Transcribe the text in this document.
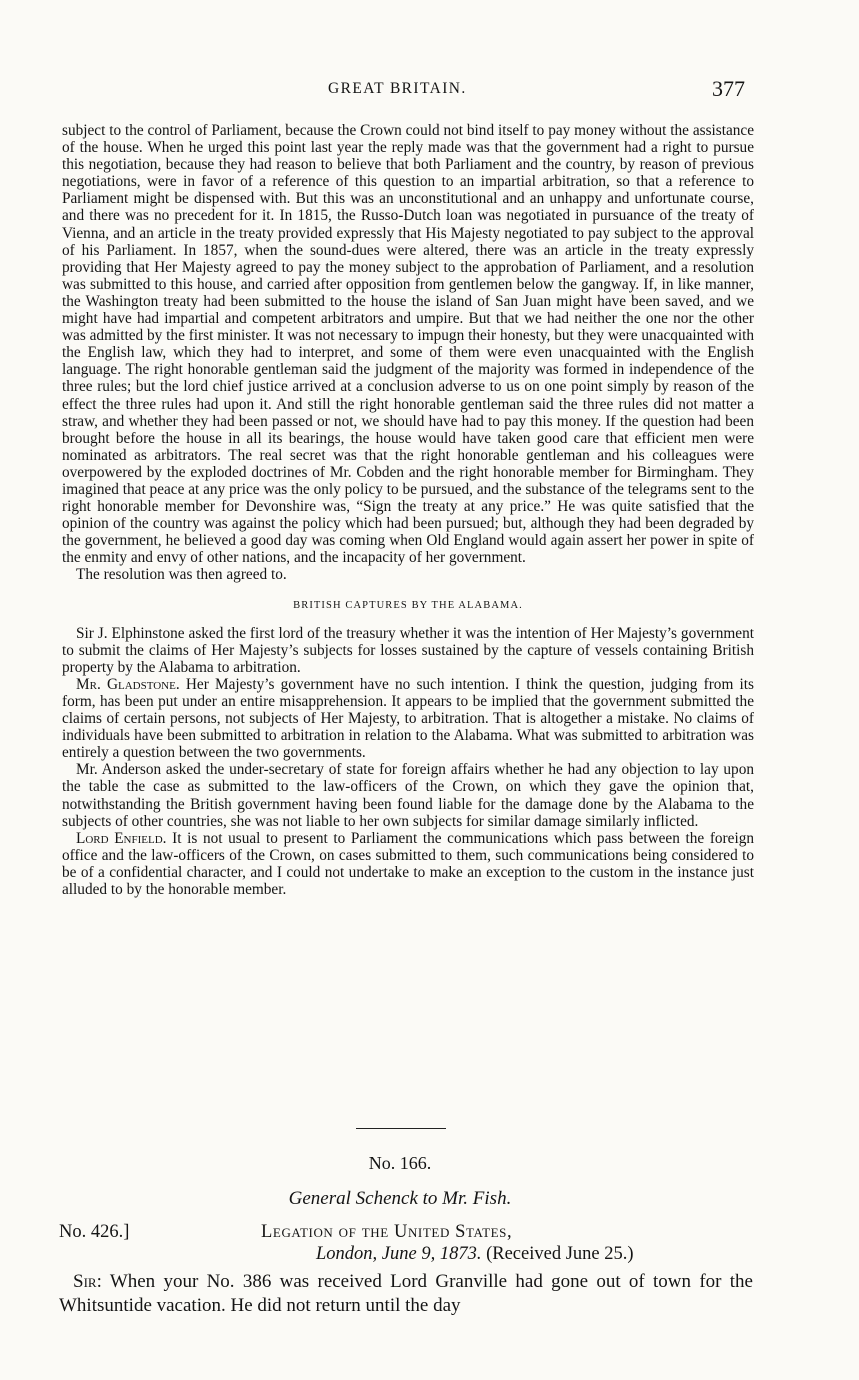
GREAT BRITAIN.	377

subject to the control of Parliament, because the Crown could not bind itself to pay money without the assistance of the house. When he urged this point last year the reply made was that the government had a right to pursue this negotiation, because they had reason to believe that both Parliament and the country, by reason of previous negotiations, were in favor of a reference of this question to an impartial arbitration, so that a reference to Parliament might be dispensed with. But this was an unconstitutional and an unhappy and unfortunate course, and there was no precedent for it. In 1815, the Russo-Dutch loan was negotiated in pursuance of the treaty of Vienna, and an article in the treaty provided expressly that His Majesty negotiated to pay subject to the approval of his Parliament. In 1857, when the sound-dues were altered, there was an article in the treaty expressly providing that Her Majesty agreed to pay the money subject to the approbation of Parliament, and a resolution was submitted to this house, and carried after opposition from gentlemen below the gangway. If, in like manner, the Washington treaty had been submitted to the house the island of San Juan might have been saved, and we might have had impartial and competent arbitrators and umpire. But that we had neither the one nor the other was admitted by the first minister. It was not necessary to impugn their honesty, but they were unacquainted with the English law, which they had to interpret, and some of them were even unacquainted with the English language. The right honorable gentleman said the judgment of the majority was formed in independence of the three rules; but the lord chief justice arrived at a conclusion adverse to us on one point simply by reason of the effect the three rules had upon it. And still the right honorable gentleman said the three rules did not matter a straw, and whether they had been passed or not, we should have had to pay this money. If the question had been brought before the house in all its bearings, the house would have taken good care that efficient men were nominated as arbitrators. The real secret was that the right honorable gentleman and his colleagues were overpowered by the exploded doctrines of Mr. Cobden and the right honorable member for Birmingham. They imagined that peace at any price was the only policy to be pursued, and the substance of the telegrams sent to the right honorable member for Devonshire was, “Sign the treaty at any price.” He was quite satisfied that the opinion of the country was against the policy which had been pursued; but, although they had been degraded by the government, he believed a good day was coming when Old England would again assert her power in spite of the enmity and envy of other nations, and the incapacity of her government.

The resolution was then agreed to.

BRITISH CAPTURES BY THE ALABAMA.

Sir J. Elphinstone asked the first lord of the treasury whether it was the intention of Her Majesty’s government to submit the claims of Her Majesty’s subjects for losses sustained by the capture of vessels containing British property by the Alabama to arbitration.

Mr. Gladstone. Her Majesty’s government have no such intention. I think the question, judging from its form, has been put under an entire misapprehension. It appears to be implied that the government submitted the claims of certain persons, not subjects of Her Majesty, to arbitration. That is altogether a mistake. No claims of individuals have been submitted to arbitration in relation to the Alabama. What was submitted to arbitration was entirely a question between the two governments.

Mr. Anderson asked the under-secretary of state for foreign affairs whether he had any objection to lay upon the table the case as submitted to the law-officers of the Crown, on which they gave the opinion that, notwithstanding the British government having been found liable for the damage done by the Alabama to the subjects of other countries, she was not liable to her own subjects for similar damage similarly inflicted.

Lord Enfield. It is not usual to present to Parliament the communications which pass between the foreign office and the law-officers of the Crown, on cases submitted to them, such communications being considered to be of a confidential character, and I could not undertake to make an exception to the custom in the instance just alluded to by the honorable member.

No. 166.
General Schenck to Mr. Fish.
No. 426.]	Legation of the United States,
London, June 9, 1873. (Received June 25.)

Sir: When your No. 386 was received Lord Granville had gone out of town for the Whitsuntide vacation. He did not return until the day
